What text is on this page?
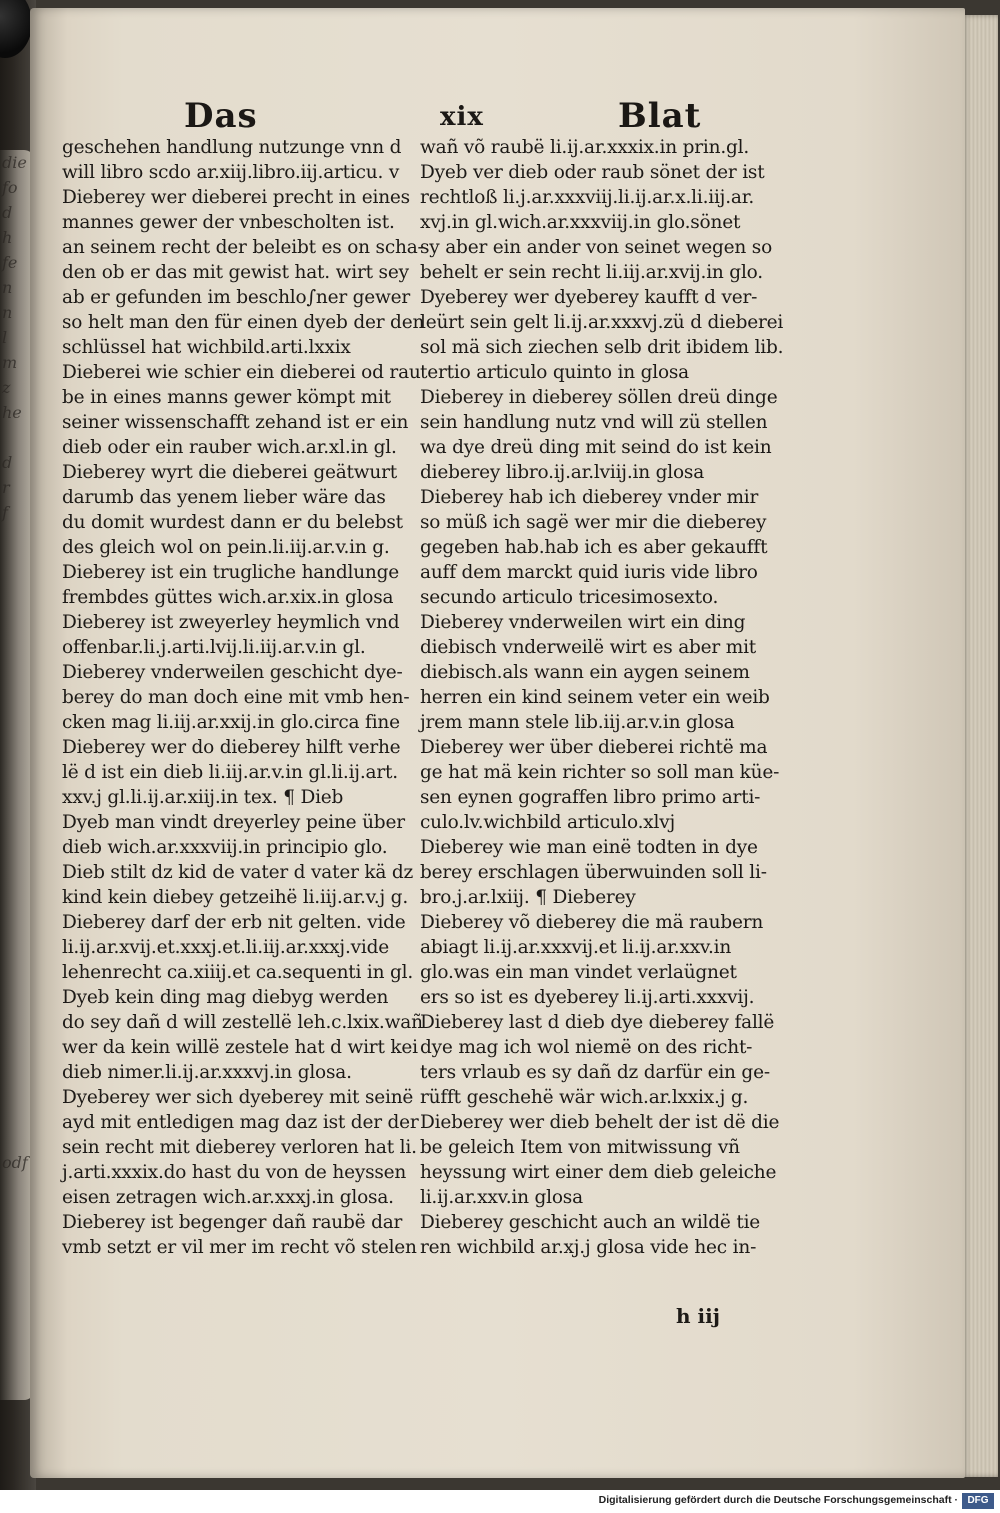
die
fo
d
h
fe
n
n
l
m
z
he

d
r
f

odf

Das	xix	Blat
geschehen handlung nutzunge vnn d
will libro scdo ar.xiij.libro.iij.articu. v
Dieberey wer dieberei precht in eines
mannes gewer der vnbescholten ist.
an seinem recht der beleibt es on scha-
den ob er das mit gewist hat. wirt sey
ab er gefunden im beschlo∫ner gewer
so helt man den für einen dyeb der den
schlüssel hat wichbild.arti.lxxix
Dieberei wie schier ein dieberei od rau
be in eines manns gewer kömpt mit
seiner wissenschafft zehand ist er ein
dieb oder ein rauber wich.ar.xl.in gl.
Dieberey wyrt die dieberei geätwurt
darumb das yenem lieber wäre das
du domit wurdest dann er du belebst
des gleich wol on pein.li.iij.ar.v.in g.
Dieberey ist ein trugliche handlunge
frembdes güttes wich.ar.xix.in glosa
Dieberey ist zweyerley heymlich vnd
offenbar.li.j.arti.lvij.li.iij.ar.v.in gl.
Dieberey vnderweilen geschicht dye-
berey do man doch eine mit vmb hen-
cken mag li.iij.ar.xxij.in glo.circa fine
Dieberey wer do dieberey hilft verhe
lë d ist ein dieb li.iij.ar.v.in gl.li.ij.art.
xxv.j gl.li.ij.ar.xiij.in tex. ¶ Dieb
Dyeb man vindt dreyerley peine über
dieb wich.ar.xxxviij.in principio glo.
Dieb stilt dz kid de vater d vater kä dz
kind kein diebey getzeihë li.iij.ar.v.j g.
Dieberey darf der erb nit gelten. vide
li.ij.ar.xvij.et.xxxj.et.li.iij.ar.xxxj.vide
lehenrecht ca.xiiij.et ca.sequenti in gl.
Dyeb kein ding mag diebyg werden
do sey dañ d will zestellë leh.c.lxix.wañ
wer da kein willë zestele hat d wirt kei
dieb nimer.li.ij.ar.xxxvj.in glosa.
Dyeberey wer sich dyeberey mit seinë
ayd mit entledigen mag daz ist der der
sein recht mit dieberey verloren hat li.
j.arti.xxxix.do hast du von de heyssen
eisen zetragen wich.ar.xxxj.in glosa.
Dieberey ist begenger dañ raubë dar
vmb setzt er vil mer im recht võ stelen
wañ võ raubë li.ij.ar.xxxix.in prin.gl.
Dyeb ver dieb oder raub sönet der ist
rechtloß li.j.ar.xxxviij.li.ij.ar.x.li.iij.ar.
xvj.in gl.wich.ar.xxxviij.in glo.sönet
sy aber ein ander von seinet wegen so
behelt er sein recht li.iij.ar.xvij.in glo.
Dyeberey wer dyeberey kaufft d ver-
leürt sein gelt li.ij.ar.xxxvj.zü d dieberei
sol mä sich ziechen selb drit ibidem lib.
tertio articulo quinto in glosa
Dieberey in dieberey söllen dreü dinge
sein handlung nutz vnd will zü stellen
wa dye dreü ding mit seind do ist kein
dieberey libro.ij.ar.lviij.in glosa
Dieberey hab ich dieberey vnder mir
so müß ich sagë wer mir die dieberey
gegeben hab.hab ich es aber gekaufft
auff dem marckt quid iuris vide libro
secundo articulo tricesimosexto.
Dieberey vnderweilen wirt ein ding
diebisch vnderweilë wirt es aber mit
diebisch.als wann ein aygen seinem
herren ein kind seinem veter ein weib
jrem mann stele lib.iij.ar.v.in glosa
Dieberey wer über dieberei richtë ma
ge hat mä kein richter so soll man küe-
sen eynen gograffen libro primo arti-
culo.lv.wichbild articulo.xlvj
Dieberey wie man einë todten in dye
berey erschlagen überwuinden soll li-
bro.j.ar.lxiij. ¶ Dieberey
Dieberey võ dieberey die mä raubern
abiagt li.ij.ar.xxxvij.et li.ij.ar.xxv.in
glo.was ein man vindet verlaügnet
ers so ist es dyeberey li.ij.arti.xxxvij.
Dieberey last d dieb dye dieberey fallë
dye mag ich wol niemë on des richt-
ters vrlaub es sy dañ dz darfür ein ge-
rüfft geschehë wär wich.ar.lxxix.j g.
Dieberey wer dieb behelt der ist dë die
be geleich Item von mitwissung vñ
heyssung wirt einer dem dieb geleiche
li.ij.ar.xxv.in glosa
Dieberey geschicht auch an wildë tie
ren wichbild ar.xj.j glosa vide hec in-
h iij
Digitalisierung gefördert durch die Deutsche Forschungsgemeinschaft · DFG
